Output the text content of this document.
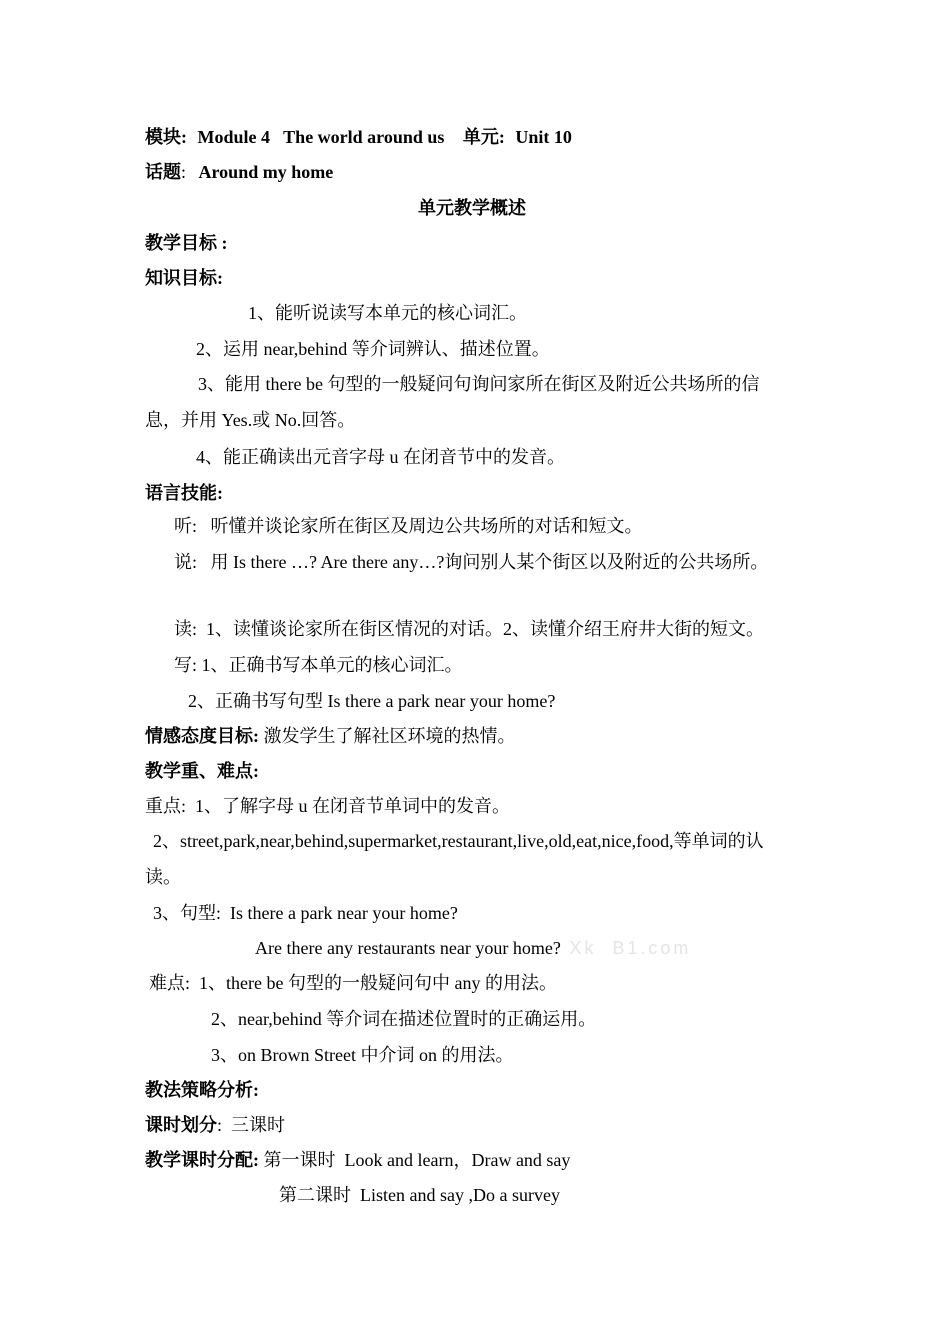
模块: Module 4   The world around us 单元: Unit 10
话题: Around my home
单元教学概述
教学目标 :
知识目标:
1、能听说读写本单元的核心词汇。
2、运用 near,behind 等介词辨认、描述位置。
3、能用 there be 句型的一般疑问句询问家所在街区及附近公共场所的信
息，并用 Yes.或 No.回答。
4、能正确读出元音字母 u 在闭音节中的发音。
语言技能:
听:   听懂并谈论家所在街区及周边公共场所的对话和短文。
说:   用 Is there …? Are there any…?询问别人某个街区以及附近的公共场所。
读:  1、读懂谈论家所在街区情况的对话。2、读懂介绍王府井大街的短文。
写: 1、正确书写本单元的核心词汇。
2、正确书写句型 Is there a park near your home?
情感态度目标: 激发学生了解社区环境的热情。
教学重、难点:
重点:  1、了解字母 u 在闭音节单词中的发音。
2、street,park,near,behind,supermarket,restaurant,live,old,eat,nice,food,等单词的认
读。
3、句型:  Is there a park near your home?
Are there any restaurants near your home? Xk  B1.com
难点:  1、there be 句型的一般疑问句中 any 的用法。
2、near,behind 等介词在描述位置时的正确运用。
3、on Brown Street 中介词 on 的用法。
教法策略分析:
课时划分:  三课时
教学课时分配: 第一课时  Look and learn，Draw and say
第二课时  Listen and say ,Do a survey
